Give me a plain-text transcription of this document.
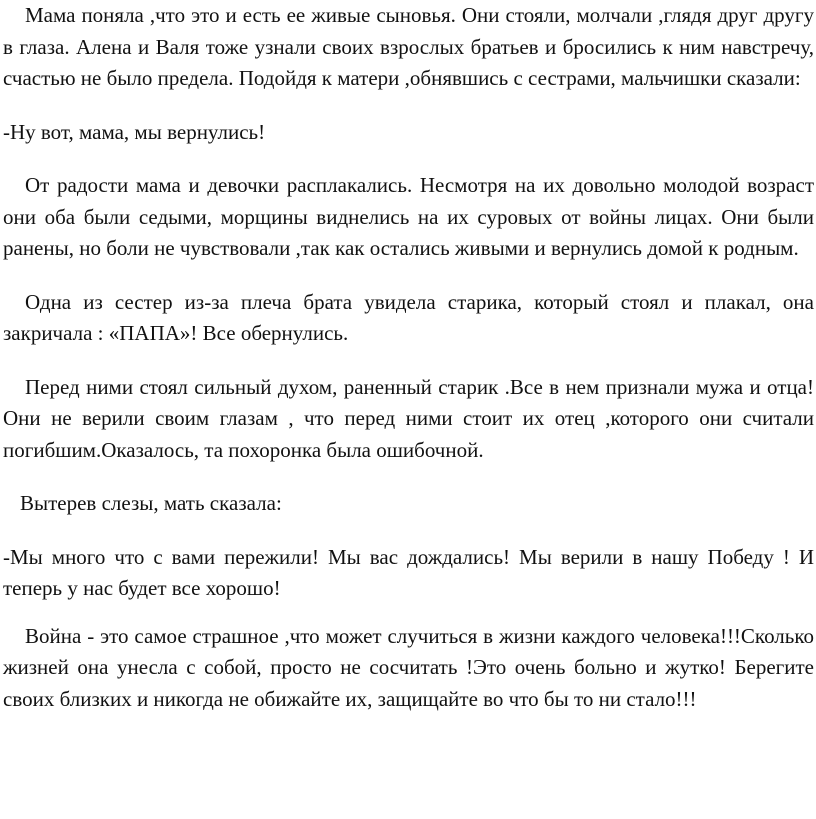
Мама поняла ,что это и есть ее живые сыновья. Они стояли, молчали ,глядя друг другу в глаза. Алена и Валя тоже узнали своих взрослых братьев и бросились к ним навстречу, счастью не было предела. Подойдя к матери ,обнявшись с сестрами, мальчишки сказали:

-Ну вот, мама, мы вернулись!

От радости мама и девочки расплакались. Несмотря на их довольно молодой возраст они оба были седыми, морщины виднелись на их суровых от войны лицах. Они были ранены, но боли не чувствовали ,так как остались живыми и вернулись домой к родным.

Одна из сестер из-за плеча брата увидела старика, который стоял и плакал, она закричала : «ПАПА»! Все обернулись.

Перед ними стоял сильный духом, раненный старик .Все в нем признали мужа и отца! Они не верили своим глазам , что перед ними стоит их отец ,которого они считали погибшим.Оказалось, та похоронка была ошибочной.

Вытерев слезы, мать сказала:

-Мы много что с вами пережили! Мы вас дождались! Мы верили в нашу Победу ! И теперь у нас будет все хорошо!

Война - это самое страшное ,что может случиться в жизни каждого человека!!!Сколько жизней она унесла с собой, просто не сосчитать !Это очень больно и жутко! Берегите своих близких и никогда не обижайте их, защищайте во что бы то ни стало!!!
